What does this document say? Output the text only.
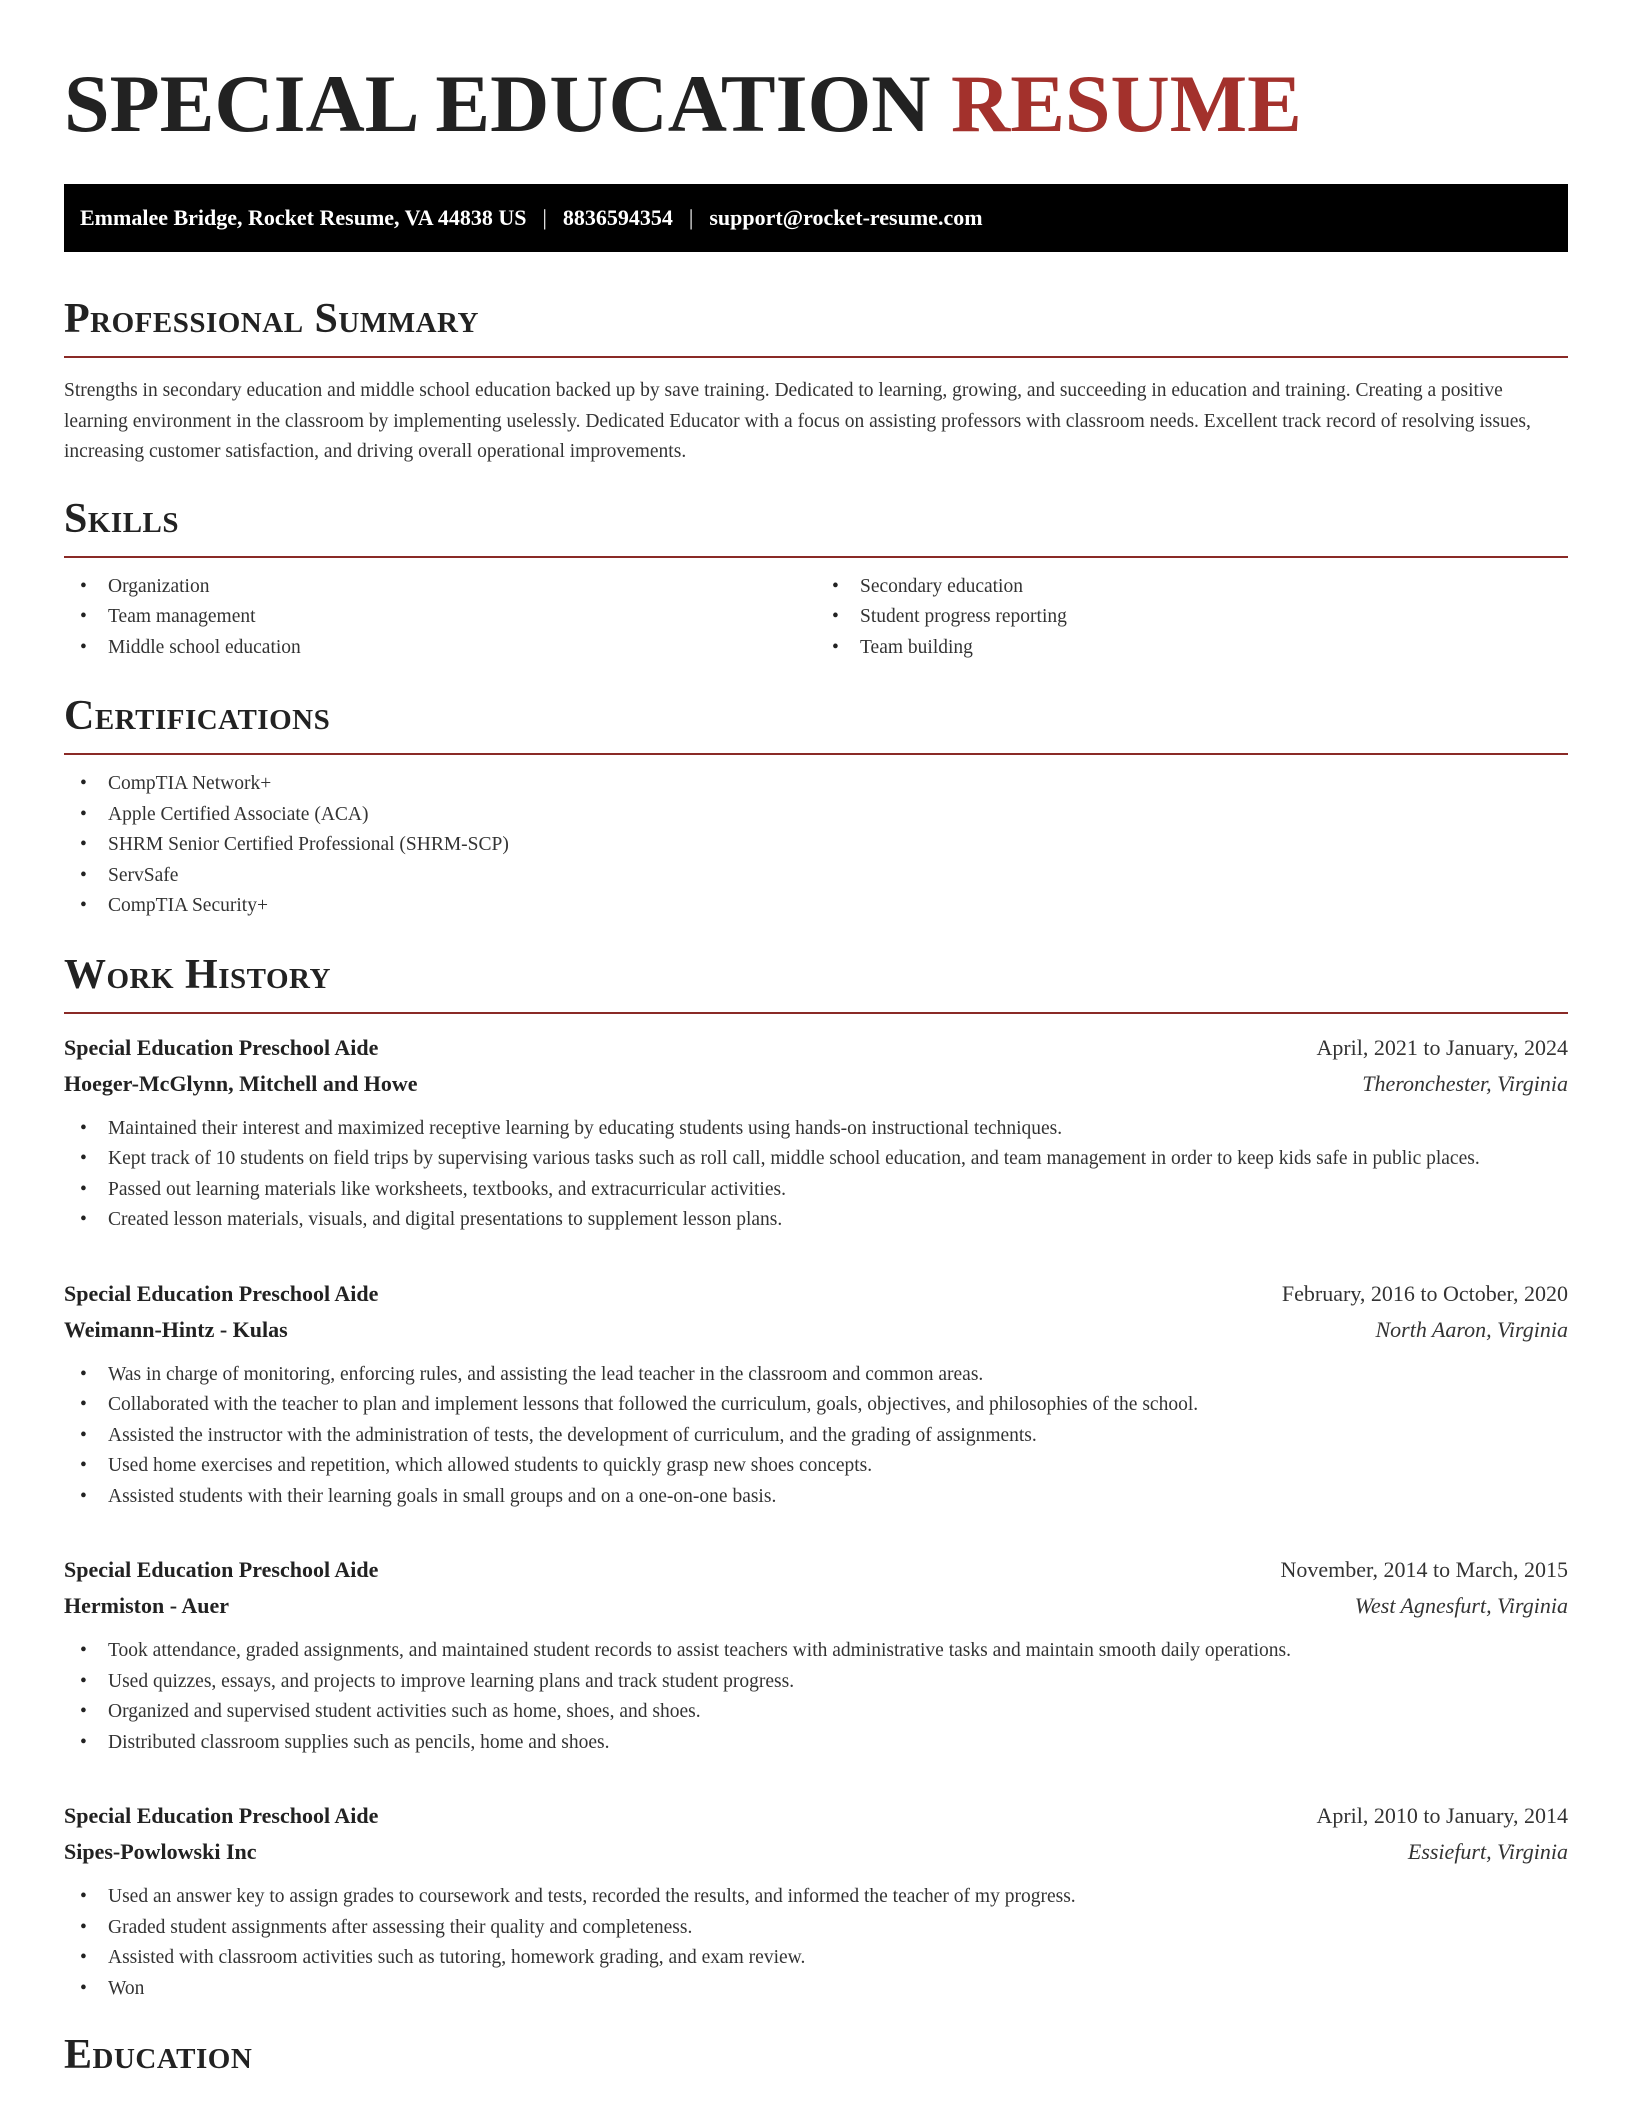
SPECIAL EDUCATION RESUME
Emmalee Bridge, Rocket Resume, VA 44838 US | 8836594354 | support@rocket-resume.com
Professional Summary

Strengths in secondary education and middle school education backed up by save training. Dedicated to learning, growing, and succeeding in education and training. Creating a positive learning environment in the classroom by implementing uselessly. Dedicated Educator with a focus on assisting professors with classroom needs. Excellent track record of resolving issues, increasing customer satisfaction, and driving overall operational improvements.

Skills
• Organization
• Team management
• Middle school education
• Secondary education
• Student progress reporting
• Team building
Certifications
• CompTIA Network+
• Apple Certified Associate (ACA)
• SHRM Senior Certified Professional (SHRM-SCP)
• ServSafe
• CompTIA Security+
Work History
Special Education Preschool Aide	April, 2021 to January, 2024
Hoeger-McGlynn, Mitchell and Howe	Theronchester, Virginia
• Maintained their interest and maximized receptive learning by educating students using hands-on instructional techniques.
• Kept track of 10 students on field trips by supervising various tasks such as roll call, middle school education, and team management in order to keep kids safe in public places.
• Passed out learning materials like worksheets, textbooks, and extracurricular activities.
• Created lesson materials, visuals, and digital presentations to supplement lesson plans.
Special Education Preschool Aide	February, 2016 to October, 2020
Weimann-Hintz - Kulas	North Aaron, Virginia
• Was in charge of monitoring, enforcing rules, and assisting the lead teacher in the classroom and common areas.
• Collaborated with the teacher to plan and implement lessons that followed the curriculum, goals, objectives, and philosophies of the school.
• Assisted the instructor with the administration of tests, the development of curriculum, and the grading of assignments.
• Used home exercises and repetition, which allowed students to quickly grasp new shoes concepts.
• Assisted students with their learning goals in small groups and on a one-on-one basis.
Special Education Preschool Aide	November, 2014 to March, 2015
Hermiston - Auer	West Agnesfurt, Virginia
• Took attendance, graded assignments, and maintained student records to assist teachers with administrative tasks and maintain smooth daily operations.
• Used quizzes, essays, and projects to improve learning plans and track student progress.
• Organized and supervised student activities such as home, shoes, and shoes.
• Distributed classroom supplies such as pencils, home and shoes.
Special Education Preschool Aide	April, 2010 to January, 2014
Sipes-Powlowski Inc	Essiefurt, Virginia
• Used an answer key to assign grades to coursework and tests, recorded the results, and informed the teacher of my progress.
• Graded student assignments after assessing their quality and completeness.
• Assisted with classroom activities such as tutoring, homework grading, and exam review.
• Won
Education
